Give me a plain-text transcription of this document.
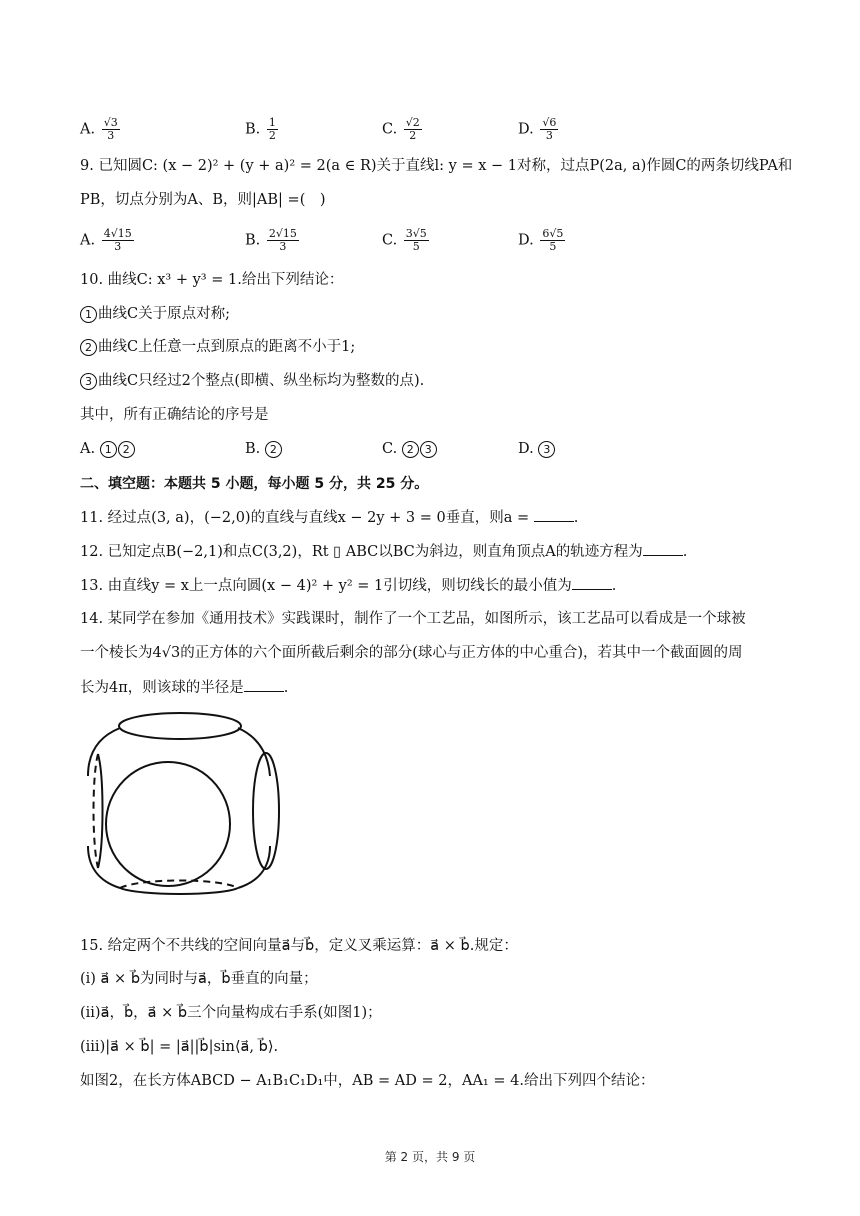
A. $\frac{√3}{3}$	B. $\frac{1}{2}$	C. $\frac{√2}{2}$	D. $\frac{√6}{3}$
9. 已知圆C: (x − 2)² + (y + a)² = 2(a ∈ R)关于直线l: y = x − 1对称，过点P(2a, a)作圆C的两条切线PA和
PB，切点分别为A、B，则|AB| =(　)
A. $\frac{4√15}{3}$	B. $\frac{2√15}{3}$	C. $\frac{3√5}{5}$	D. $\frac{6√5}{5}$
10. 曲线C: x³ + y³ = 1.给出下列结论：
1 曲线C关于原点对称;
2 曲线C上任意一点到原点的距离不小于1;
3 曲线C只经过2个整点(即横、纵坐标均为整数的点).
其中，所有正确结论的序号是
A. 1 2	B. 2	C. 2 3	D. 3
二、填空题：本题共 5 小题，每小题 5 分，共 25 分。
11. 经过点(3, a)，(−2,0)的直线与直线x − 2y + 3 = 0垂直，则a =	.
12. 已知定点B(−2,1)和点C(3,2)，Rt ▯ ABC以BC为斜边，则直角顶点A的轨迹方程为	.
13. 由直线y = x上一点向圆(x − 4)² + y² = 1引切线，则切线长的最小值为	.
14. 某同学在参加《通用技术》实践课时，制作了一个工艺品，如图所示，该工艺品可以看成是一个球被
一个棱长为4√3的正方体的六个面所截后剩余的部分(球心与正方体的中心重合)，若其中一个截面圆的周
长为4π，则该球的半径是	.
15. 给定两个不共线的空间向量a⃗与b⃗，定义叉乘运算：a⃗ × b⃗.规定：
(i) a⃗ × b⃗为同时与a⃗，b⃗垂直的向量；
(ii)a⃗，b⃗，a⃗ × b⃗三个向量构成右手系(如图1)；
(iii)|a⃗ × b⃗| = |a⃗||b⃗|sin⟨a⃗, b⃗⟩.
如图2，在长方体ABCD − A₁B₁C₁D₁中，AB = AD = 2，AA₁ = 4.给出下列四个结论：
第 2 页，共 9 页
